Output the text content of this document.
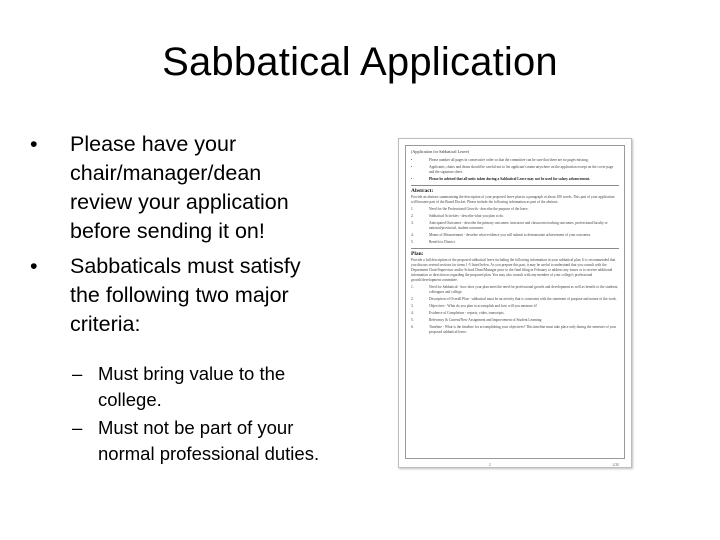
Sabbatical Application
•	Please have your
chair/manager/dean
review your application
before sending it on!
•	Sabbaticals must satisfy
the following two major
criteria:
– Must bring value to the
college.
– Must not be part of your
normal professional duties.
(Application for Sabbatical Leave)
•	Please number all pages in consecutive order so that the committee can be sure that there are no pages missing.
•	Applicants, chairs and deans should be careful not to list applicant's name anywhere on the application except on the cover page and the signature sheet.
•	Please be advised that all units taken during a Sabbatical Leave may not be used for salary advancement.
Abstract:
Provide an abstract summarizing the description of your proposed leave plan in a paragraph of about 100 words. This part of your application will become part of the Board Docket. Please include the following information as part of the abstract:
1.	Need for the Professional Growth - describe the purpose of the leave.
2.	Sabbatical Activities - describe what you plan to do.
3.	Anticipated Outcomes - describe the primary outcomes: instructor and classroom teaching outcomes, professional/faculty or national/provincial, student outcomes.
4.	Means of Measurement - describe what evidence you will submit to demonstrate achievement of your outcomes.
5.	Benefit to District
Plan:
Provide a full description of the proposed sabbatical leave including the following information in your sabbatical plan. It is recommended that you discuss several sections for items 1-5 listed below. As you prepare this part, it may be useful to understand that you consult with the Department Chair/Supervisor and/or School Dean/Manager prior to the final filing in February to address any issues or to receive additional information or direction as regarding the proposed plan. You may also consult with any member of your college's professional growth/development committee.
1.	Need for Sabbatical - how does your plan meet the need for professional growth and development as well as benefit to the students, colleagues and college.
2.	Description of Overall Plan - sabbatical must be an activity that is consistent with the statement of purpose and nature of the work.
3.	Objectives - What do you plan to accomplish and how will you measure it?
4.	Evidence of Completion - reports, video, transcripts.
5.	Relevancy & Current/New Assignment and Improvement of Student Learning
6.	Timeline - What is the timeline for accomplishing your objectives? This timeline must take place only during the semester of your proposed sabbatical leave.
2	2/20
